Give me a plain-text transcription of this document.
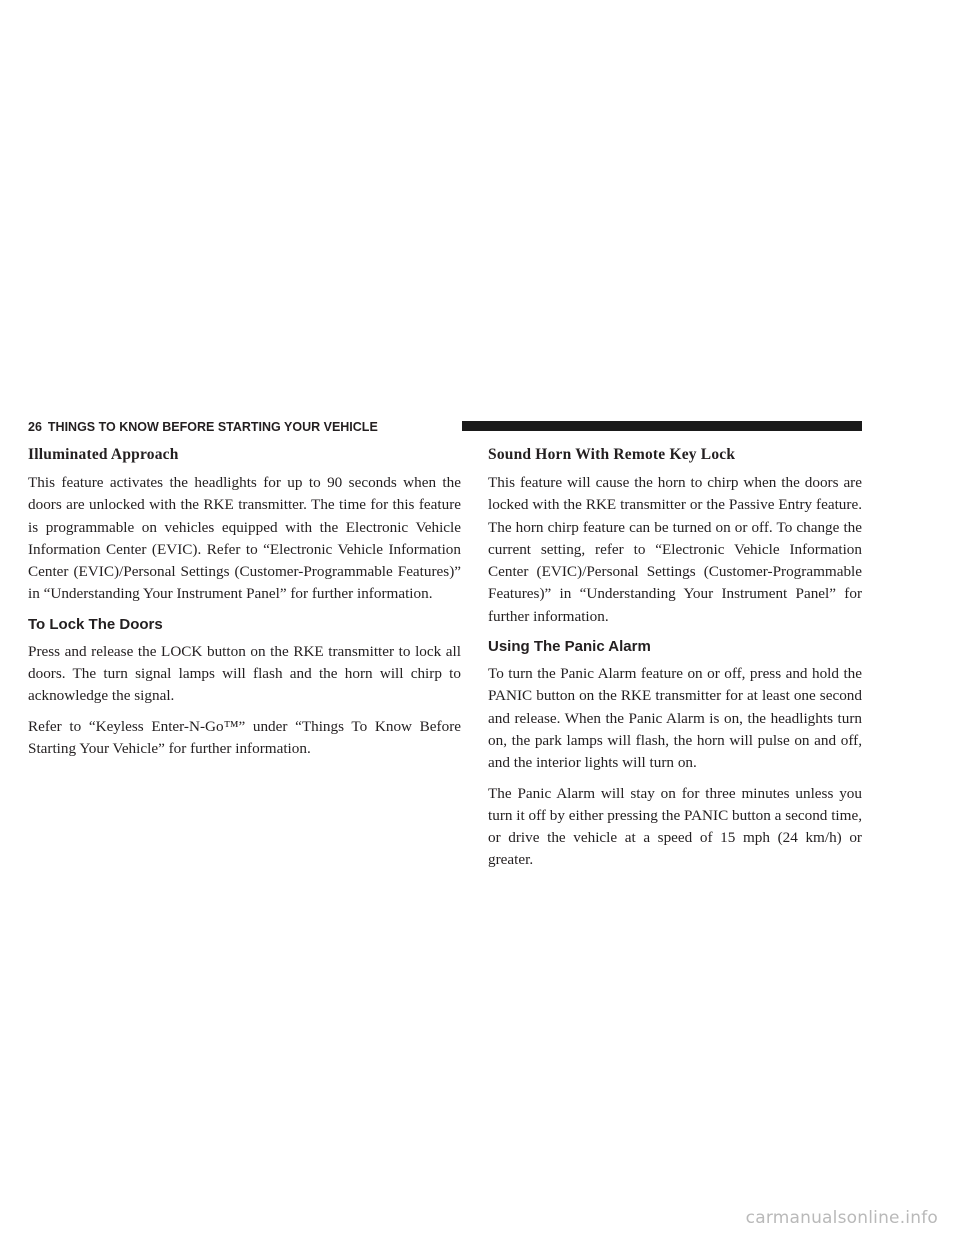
26 THINGS TO KNOW BEFORE STARTING YOUR VEHICLE
Illuminated Approach

This feature activates the headlights for up to 90 seconds when the doors are unlocked with the RKE transmitter. The time for this feature is programmable on vehicles equipped with the Electronic Vehicle Information Center (EVIC). Refer to “Electronic Vehicle Information Center (EVIC)/Personal Settings (Customer-Programmable Features)” in “Understanding Your Instrument Panel” for further information.

To Lock The Doors

Press and release the LOCK button on the RKE transmitter to lock all doors. The turn signal lamps will flash and the horn will chirp to acknowledge the signal.

Refer to “Keyless Enter-N-Go™” under “Things To Know Before Starting Your Vehicle” for further information.

Sound Horn With Remote Key Lock

This feature will cause the horn to chirp when the doors are locked with the RKE transmitter or the Passive Entry feature. The horn chirp feature can be turned on or off. To change the current setting, refer to “Electronic Vehicle Information Center (EVIC)/Personal Settings (Customer-Programmable Features)” in “Understanding Your Instrument Panel” for further information.

Using The Panic Alarm

To turn the Panic Alarm feature on or off, press and hold the PANIC button on the RKE transmitter for at least one second and release. When the Panic Alarm is on, the headlights turn on, the park lamps will flash, the horn will pulse on and off, and the interior lights will turn on.

The Panic Alarm will stay on for three minutes unless you turn it off by either pressing the PANIC button a second time, or drive the vehicle at a speed of 15 mph (24 km/h) or greater.

carmanualsonline.info
